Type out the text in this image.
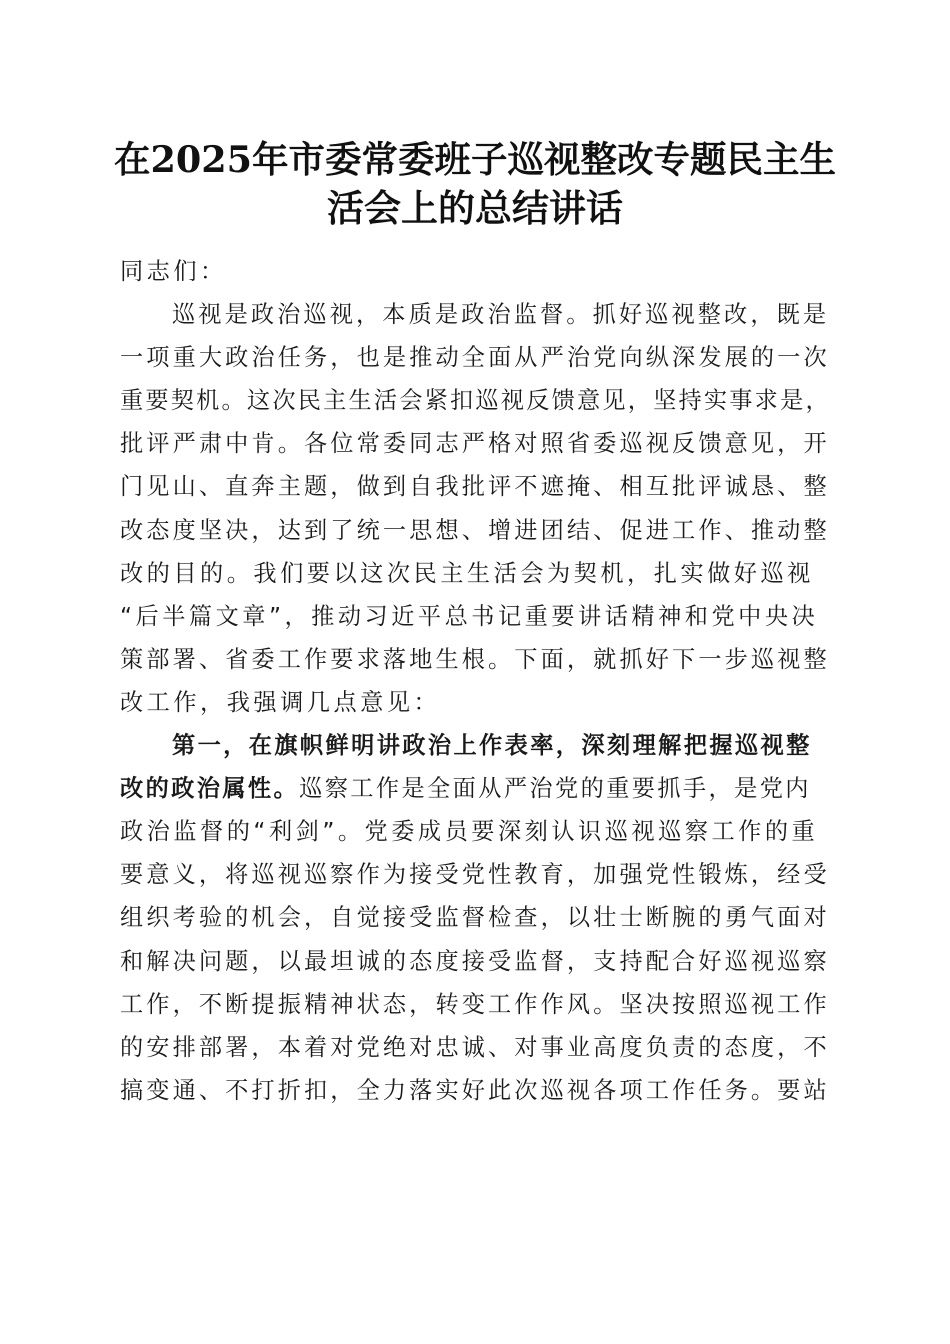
在2025年市委常委班子巡视整改专题民主生
活会上的总结讲话
同志们：
巡视是政治巡视，本质是政治监督。抓好巡视整改，既是
一项重大政治任务，也是推动全面从严治党向纵深发展的一次
重要契机。这次民主生活会紧扣巡视反馈意见，坚持实事求是，
批评严肃中肯。各位常委同志严格对照省委巡视反馈意见，开
门见山、直奔主题，做到自我批评不遮掩、相互批评诚恳、整
改态度坚决，达到了统一思想、增进团结、促进工作、推动整
改的目的。我们要以这次民主生活会为契机，扎实做好巡视
“后半篇文章”，推动习近平总书记重要讲话精神和党中央决
策部署、省委工作要求落地生根。下面，就抓好下一步巡视整
改工作，我强调几点意见：
第一，在旗帜鲜明讲政治上作表率，深刻理解把握巡视整
改的政治属性。巡察工作是全面从严治党的重要抓手，是党内
政治监督的“利剑”。党委成员要深刻认识巡视巡察工作的重
要意义，将巡视巡察作为接受党性教育，加强党性锻炼，经受
组织考验的机会，自觉接受监督检查，以壮士断腕的勇气面对
和解决问题，以最坦诚的态度接受监督，支持配合好巡视巡察
工作，不断提振精神状态，转变工作作风。坚决按照巡视工作
的安排部署，本着对党绝对忠诚、对事业高度负责的态度，不
搞变通、不打折扣，全力落实好此次巡视各项工作任务。要站
